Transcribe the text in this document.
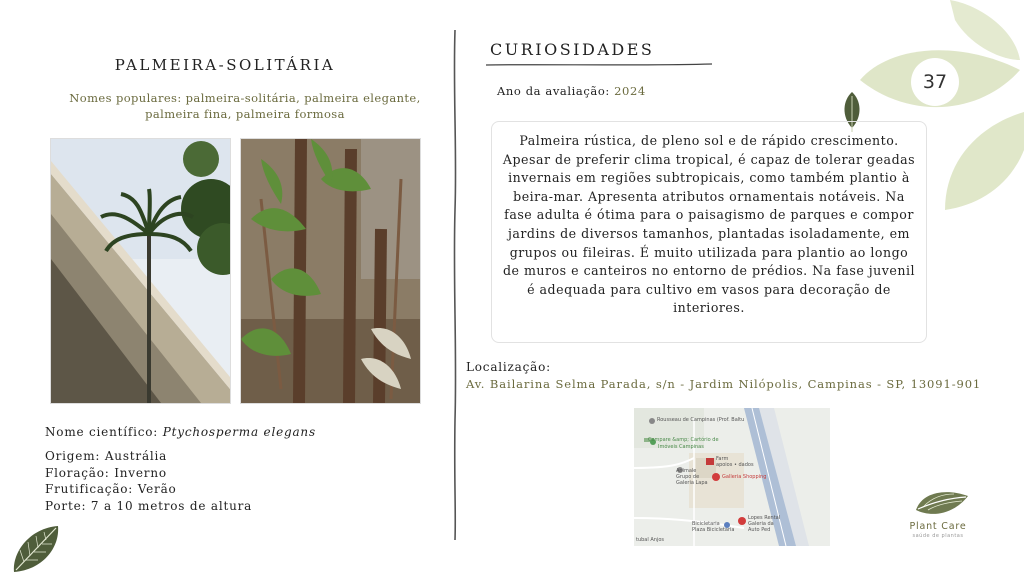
37
PALMEIRA-SOLITÁRIA
Nomes populares: palmeira-solitária, palmeira elegante,
palmeira fina, palmeira formosa
Nome científico: Ptychosperma elegans
Origem: Austrália
Floração: Inverno
Frutificação: Verão
Porte: 7 a 10 metros de altura
CURIOSIDADES
Ano da avaliação: 2024
Palmeira rústica, de pleno sol e de rápido crescimento. Apesar de preferir clima tropical, é capaz de tolerar geadas invernais em regiões subtropicais, como também plantio à beira-mar. Apresenta atributos ornamentais notáveis. Na fase adulta é ótima para o paisagismo de parques e compor jardins de diversos tamanhos, plantadas isoladamente, em grupos ou fileiras. É muito utilizada para plantio ao longo de muros e canteiros no entorno de prédios. Na fase juvenil é adequada para cultivo em vasos para decoração de interiores.
Localização:
Av. Bailarina Selma Parada, s/n - Jardim Nilópolis, Campinas - SP, 13091-901
Rousseau de Campinas (Prof. Baltu
Compare &amp; Cartório de
Imóveis Campinas
Farm
apoios • dados
Galleria Shopping
Animale
Grupo de
Galeria Lapa
Lopes Rental
Galeria da
Auto Ped
Bicicletaria
Plaza Bicicletaria
tubal Anjos
Plant Care
saúde de plantas
